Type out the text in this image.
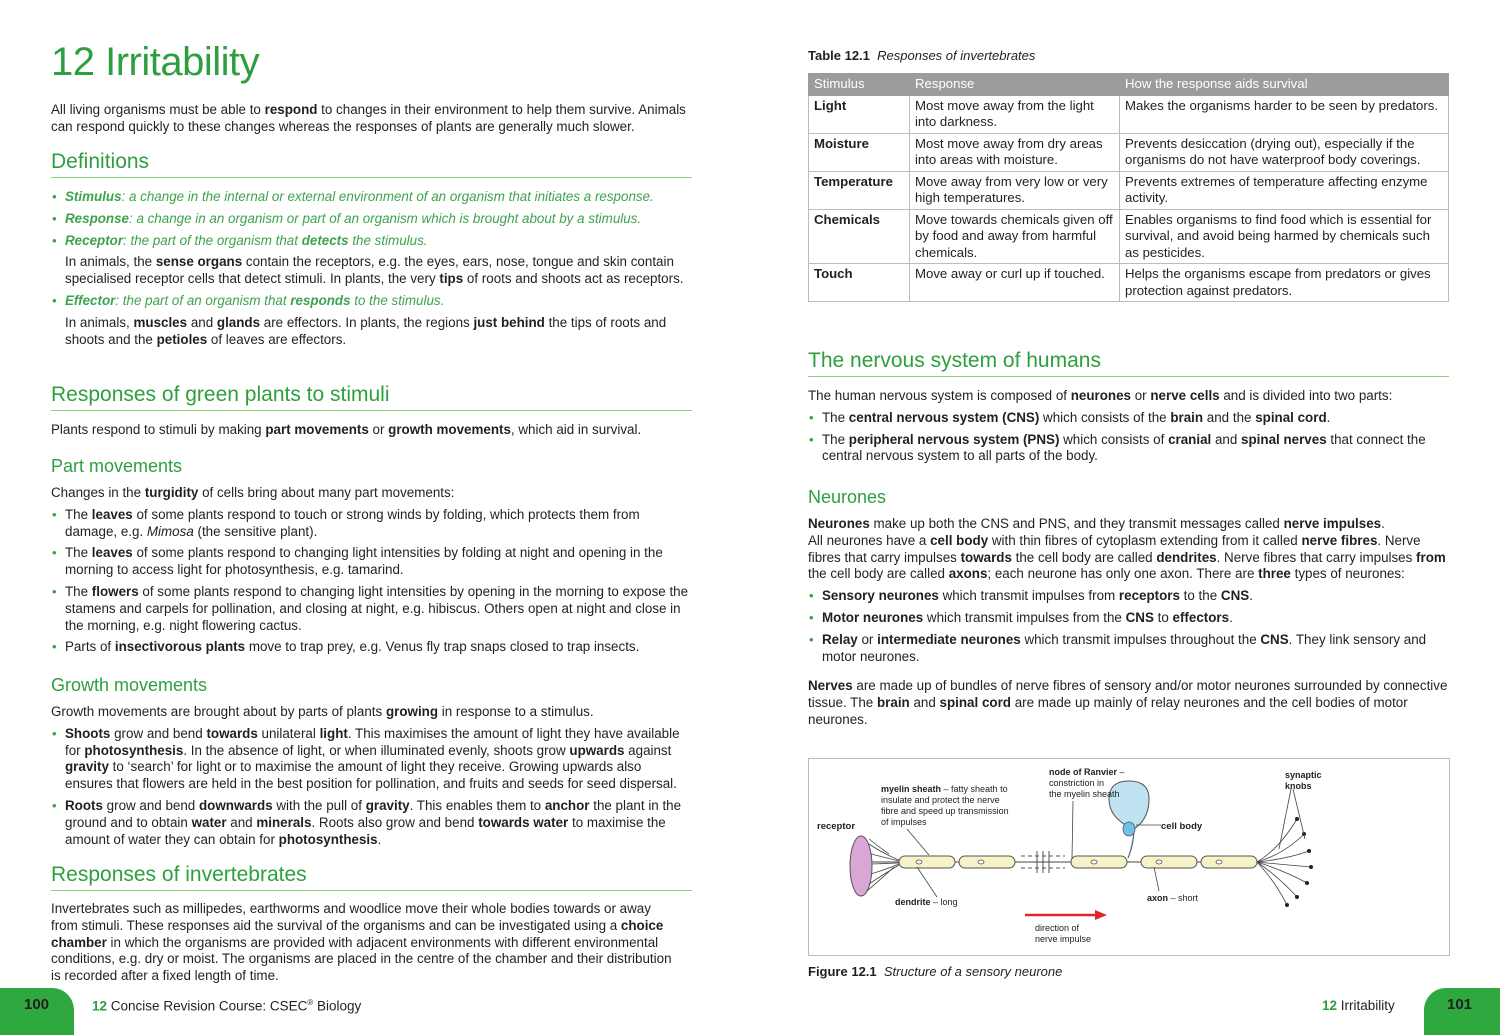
12 Irritability

All living organisms must be able to respond to changes in their environment to help them survive. Animals can respond quickly to these changes whereas the responses of plants are generally much slower.

Definitions
• Stimulus: a change in the internal or external environment of an organism that initiates a response.
• Response: a change in an organism or part of an organism which is brought about by a stimulus.
• Receptor: the part of the organism that detects the stimulus.

In animals, the sense organs contain the receptors, e.g. the eyes, ears, nose, tongue and skin contain specialised receptor cells that detect stimuli. In plants, the very tips of roots and shoots act as receptors.

• Effector: the part of an organism that responds to the stimulus.

In animals, muscles and glands are effectors. In plants, the regions just behind the tips of roots and shoots and the petioles of leaves are effectors.

Responses of green plants to stimuli

Plants respond to stimuli by making part movements or growth movements, which aid in survival.

Part movements

Changes in the turgidity of cells bring about many part movements:

• The leaves of some plants respond to touch or strong winds by folding, which protects them from damage, e.g. Mimosa (the sensitive plant).
• The leaves of some plants respond to changing light intensities by folding at night and opening in the morning to access light for photosynthesis, e.g. tamarind.
• The flowers of some plants respond to changing light intensities by opening in the morning to expose the stamens and carpels for pollination, and closing at night, e.g. hibiscus. Others open at night and close in the morning, e.g. night flowering cactus.
• Parts of insectivorous plants move to trap prey, e.g. Venus fly trap snaps closed to trap insects.
Growth movements

Growth movements are brought about by parts of plants growing in response to a stimulus.

• Shoots grow and bend towards unilateral light. This maximises the amount of light they have available for photosynthesis. In the absence of light, or when illuminated evenly, shoots grow upwards against gravity to ‘search’ for light or to maximise the amount of light they receive. Growing upwards also ensures that flowers are held in the best position for pollination, and fruits and seeds for seed dispersal.
• Roots grow and bend downwards with the pull of gravity. This enables them to anchor the plant in the ground and to obtain water and minerals. Roots also grow and bend towards water to maximise the amount of water they can obtain for photosynthesis.
Responses of invertebrates

Invertebrates such as millipedes, earthworms and woodlice move their whole bodies towards or away from stimuli. These responses aid the survival of the organisms and can be investigated using a choice chamber in which the organisms are provided with adjacent environments with different environmental conditions, e.g. dry or moist. The organisms are placed in the centre of the chamber and their distribution is recorded after a fixed length of time.

100	12 Concise Revision Course: CSEC® Biology
Table 12.1 Responses of invertebrates
Stimulus	Response	How the response aids survival
Light	Most move away from the light into darkness.	Makes the organisms harder to be seen by predators.
Moisture	Most move away from dry areas into areas with moisture.	Prevents desiccation (drying out), especially if the organisms do not have waterproof body coverings.
Temperature	Move away from very low or very high temperatures.	Prevents extremes of temperature affecting enzyme activity.
Chemicals	Move towards chemicals given off by food and away from harmful chemicals.	Enables organisms to find food which is essential for survival, and avoid being harmed by chemicals such as pesticides.
Touch	Move away or curl up if touched.	Helps the organisms escape from predators or gives protection against predators.
The nervous system of humans

The human nervous system is composed of neurones or nerve cells and is divided into two parts:

• The central nervous system (CNS) which consists of the brain and the spinal cord.
• The peripheral nervous system (PNS) which consists of cranial and spinal nerves that connect the central nervous system to all parts of the body.
Neurones

Neurones make up both the CNS and PNS, and they transmit messages called nerve impulses.

All neurones have a cell body with thin fibres of cytoplasm extending from it called nerve fibres. Nerve fibres that carry impulses towards the cell body are called dendrites. Nerve fibres that carry impulses from the cell body are called axons; each neurone has only one axon. There are three types of neurones:

• Sensory neurones which transmit impulses from receptors to the CNS.
• Motor neurones which transmit impulses from the CNS to effectors.
• Relay or intermediate neurones which transmit impulses throughout the CNS. They link sensory and motor neurones.

Nerves are made up of bundles of nerve fibres of sensory and/or motor neurones surrounded by connective tissue. The brain and spinal cord are made up mainly of relay neurones and the cell bodies of motor neurones.

receptor
myelin sheath – fatty sheath to
insulate and protect the nerve
fibre and speed up transmission
of impulses
node of Ranvier –
constriction in
the myelin sheath
cell body
synaptic
knobs
dendrite – long	axon – short
direction of
nerve impulse
Figure 12.1 Structure of a sensory neurone
12 Irritability	101
